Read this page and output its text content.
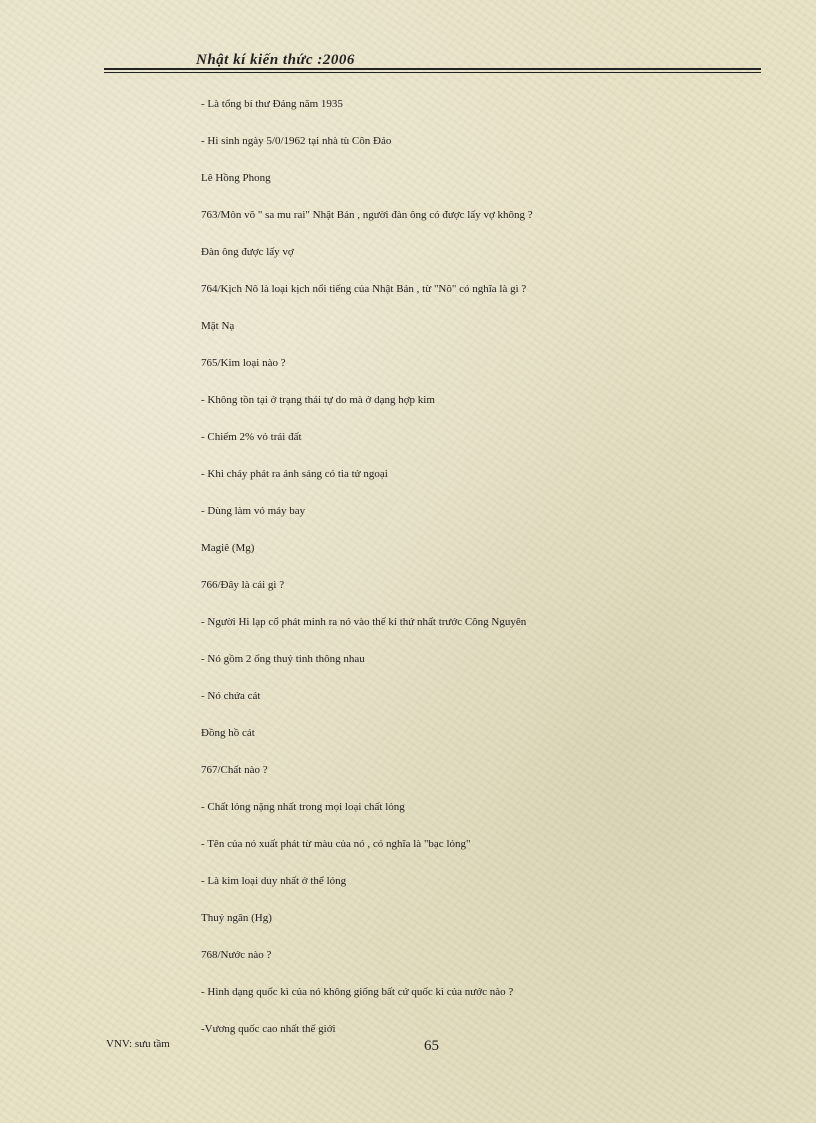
Nhật kí kiến thức :2006
- Là tổng bí thư Đảng năm 1935
- Hi sinh ngày 5/0/1962 tại nhà tù Côn Đảo
Lê Hồng Phong
763/Môn võ " sa mu rai" Nhật Bản , người đàn ông có được lấy vợ không ?
Đàn ông được lấy vợ
764/Kịch Nô là loại kịch nổi tiếng của Nhật Bản , từ "Nô" có nghĩa là gì ?
Mặt Nạ
765/Kim loại nào ?
- Không tồn tại ở trạng thái tự do mà ở dạng hợp kim
- Chiếm 2% vỏ trái đất
- Khi cháy phát ra ánh sáng có tia tử ngoại
- Dùng làm vỏ máy bay
Magiê (Mg)
766/Đây là cái gì ?
- Người Hi lạp cổ phát minh ra nó vào thế kỉ thứ nhất trước Công Nguyên
- Nó gồm 2 ống thuỷ tinh thông nhau
- Nó chứa cát
Đồng hồ cát
767/Chất nào ?
- Chất lỏng nặng nhất trong mọi loại chất lỏng
- Tên của nó xuất phát từ màu của nó , có nghĩa là "bạc lỏng"
- Là kim loại duy nhất ở thể lỏng
Thuỷ ngân (Hg)
768/Nước nào ?
- Hình dạng quốc kì của nó không giống bất cứ quốc kì của nước nào ?
-Vương quốc cao nhất thế giới
VNV: sưu tầm	65
